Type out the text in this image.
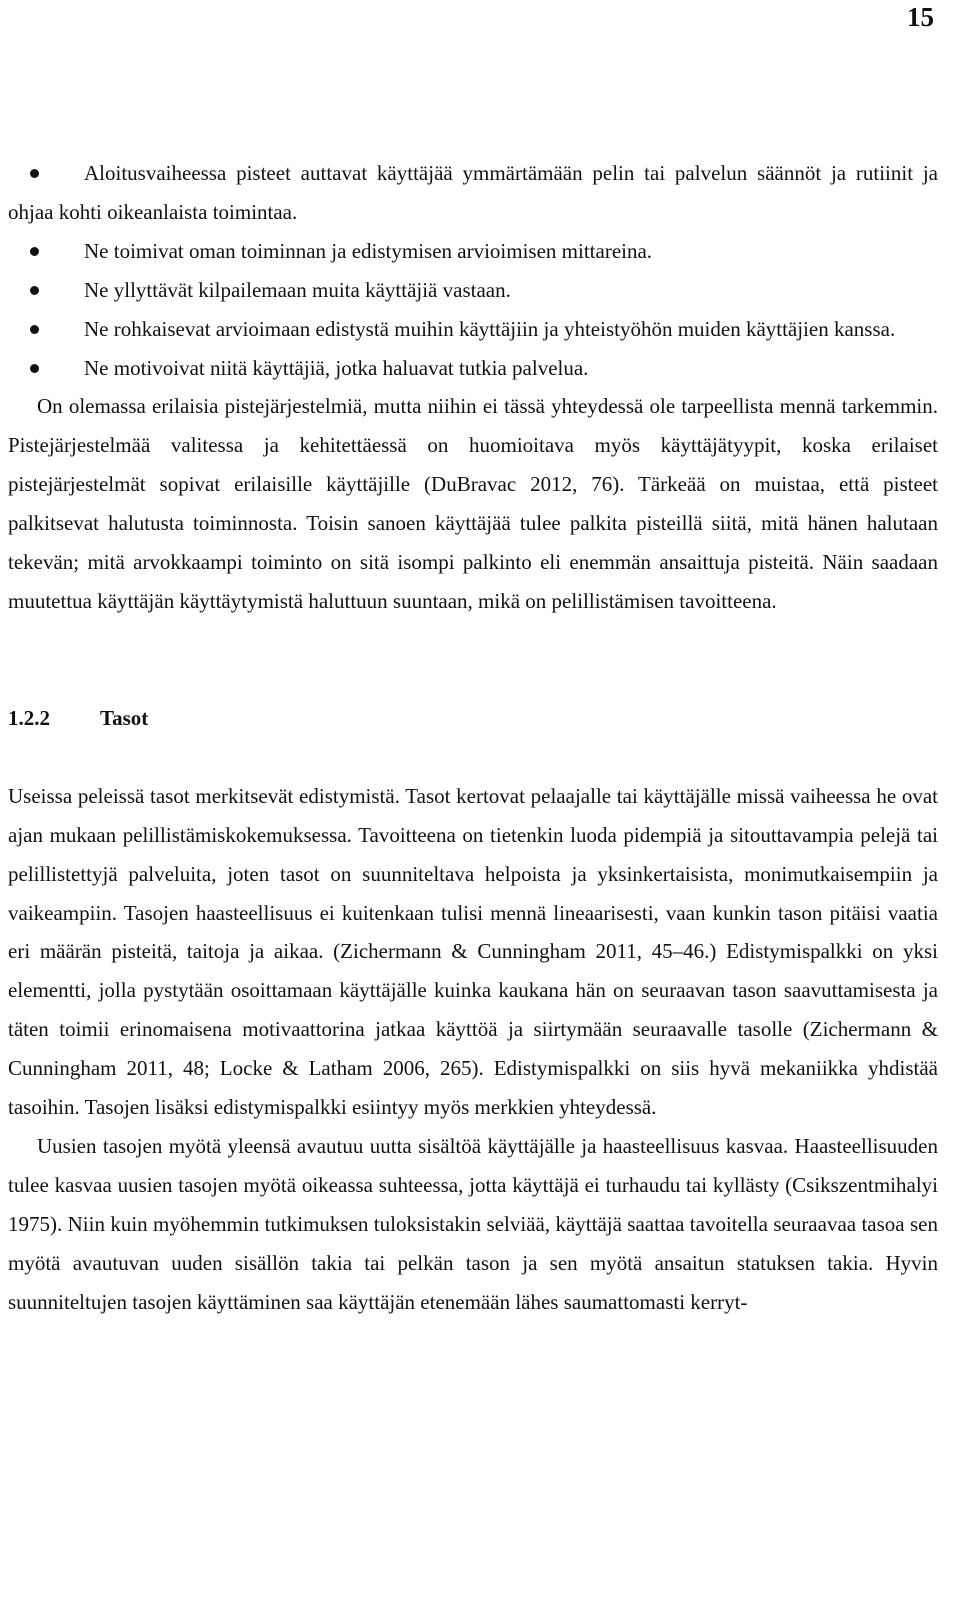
15
Aloitusvaiheessa pisteet auttavat käyttäjää ymmärtämään pelin tai palvelun säännöt ja rutiinit ja ohjaa kohti oikeanlaista toimintaa.
Ne toimivat oman toiminnan ja edistymisen arvioimisen mittareina.
Ne yllyttävät kilpailemaan muita käyttäjiä vastaan.
Ne rohkaisevat arvioimaan edistystä muihin käyttäjiin ja yhteistyöhön muiden käyttäjien kanssa.
Ne motivoivat niitä käyttäjiä, jotka haluavat tutkia palvelua.

On olemassa erilaisia pistejärjestelmiä, mutta niihin ei tässä yhteydessä ole tarpeellista mennä tarkemmin. Pistejärjestelmää valitessa ja kehitettäessä on huomioitava myös käyttäjätyypit, koska erilaiset pistejärjestelmät sopivat erilaisille käyttäjille (DuBravac 2012, 76). Tärkeää on muistaa, että pisteet palkitsevat halutusta toiminnosta. Toisin sanoen käyttäjää tulee palkita pisteillä siitä, mitä hänen halutaan tekevän; mitä arvokkaampi toiminto on sitä isompi palkinto eli enemmän ansaittuja pisteitä. Näin saadaan muutettua käyttäjän käyttäytymistä haluttuun suuntaan, mikä on pelillistämisen tavoitteena.

1.2.2 Tasot

Useissa peleissä tasot merkitsevät edistymistä. Tasot kertovat pelaajalle tai käyttäjälle missä vaiheessa he ovat ajan mukaan pelillistämiskokemuksessa. Tavoitteena on tietenkin luoda pidempiä ja sitouttavampia pelejä tai pelillistettyjä palveluita, joten tasot on suunniteltava helpoista ja yksinkertaisista, monimutkaisempiin ja vaikeampiin. Tasojen haasteellisuus ei kuitenkaan tulisi mennä lineaarisesti, vaan kunkin tason pitäisi vaatia eri määrän pisteitä, taitoja ja aikaa. (Zichermann & Cunningham 2011, 45–46.) Edistymispalkki on yksi elementti, jolla pystytään osoittamaan käyttäjälle kuinka kaukana hän on seuraavan tason saavuttamisesta ja täten toimii erinomaisena motivaattorina jatkaa käyttöä ja siirtymään seuraavalle tasolle (Zichermann & Cunningham 2011, 48; Locke & Latham 2006, 265). Edistymispalkki on siis hyvä mekaniikka yhdistää tasoihin. Tasojen lisäksi edistymispalkki esiintyy myös merkkien yhteydessä.

Uusien tasojen myötä yleensä avautuu uutta sisältöä käyttäjälle ja haasteellisuus kasvaa. Haasteellisuuden tulee kasvaa uusien tasojen myötä oikeassa suhteessa, jotta käyttäjä ei turhaudu tai kyllästy (Csikszentmihalyi 1975). Niin kuin myöhemmin tutkimuksen tuloksistakin selviää, käyttäjä saattaa tavoitella seuraavaa tasoa sen myötä avautuvan uuden sisällön takia tai pelkän tason ja sen myötä ansaitun statuksen takia. Hyvin suunniteltujen tasojen käyttäminen saa käyttäjän etenemään lähes saumattomasti kerryt-
